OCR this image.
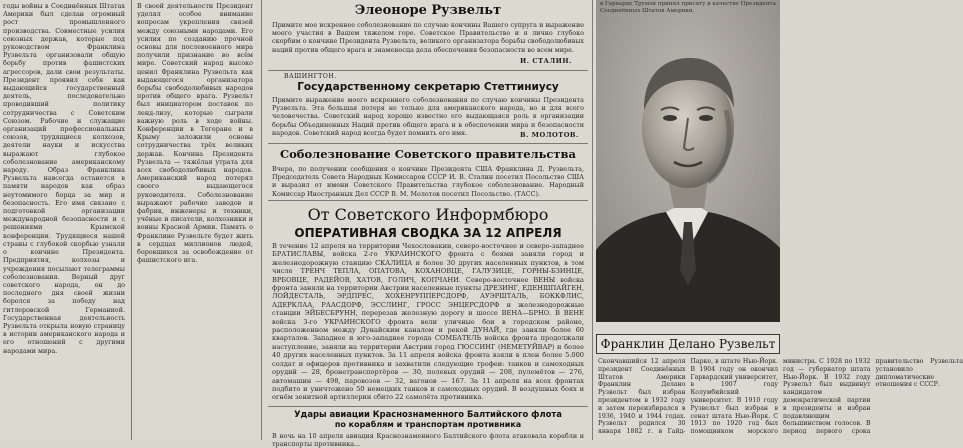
годы войны в Соединённых Штатах Америки был сделан огромный рост промышленного производства. Совместные усилия союзных держав, которые под руководством Франклина Рузвельта организовали общую борьбу против фашистских агрессоров, дали свои результаты. Президент проявил себя как выдающийся государственный деятель, последовательно проводивший политику сотрудничества с Советским Союзом. Рабочие и служащие организаций профессиональных союзов, трудящиеся колхозов, деятели науки и искусства выражают глубокое соболезнование американскому народу. Образ Франклина Рузвельта навсегда останется в памяти народов как образ неутомимого борца за мир и безопасность. Его имя связано с подготовкой организации международной безопасности и с решениями Крымской конференции. Трудящиеся нашей страны с глубокой скорбью узнали о кончине Президента. Предприятия, колхозы и учреждения посылают телеграммы соболезнования. Верный друг советского народа, он до последнего дня своей жизни боролся за победу над гитлеровской Германией. Государственная деятельность Рузвельта открыла новую страницу в истории американского народа и его отношений с другими народами мира.
В своей деятельности Президент уделял особое внимание вопросам укрепления связей между союзными народами. Его усилия по созданию прочной основы для послевоенного мира получили признание во всём мире. Советский народ высоко ценил Франклина Рузвельта как выдающегося организатора борьбы свободолюбивых народов против общего врага. Рузвельт был инициатором поставок по ленд-лизу, которые сыграли важную роль в ходе войны. Конференции в Тегеране и в Крыму заложили основы сотрудничества трёх великих держав. Кончина Президента Рузвельта — тяжёлая утрата для всех свободолюбивых народов. Американский народ потерял своего выдающегося руководителя. Соболезнование выражают рабочие заводов и фабрик, инженеры и техники, учёные и писатели, колхозники и воины Красной Армии. Память о Франклине Рузвельте будет жить в сердцах миллионов людей, боровшихся за освобождение от фашистского ига.
Элеоноре Рузвельт
Примите мое искреннее соболезнование по случаю кончины Вашего супруга и выражение моего участия в Вашем тяжелом горе. Советское Правительство и я лично глубоко скорбим о кончине Президента Рузвельта, великого организатора борьбы свободолюбивых наций против общего врага и знаменосца дела обеспечения безопасности во всем мире.
И. СТАЛИН.
ВАШИНГТОН.
Государственному секретарю Стеттиниусу
Примите выражение моего искреннего соболезнования по случаю кончины Президента Рузвельта. Эта большая потеря не только для американского народа, но и для всего человечества. Советский народ хорошо известно его выдающаяся роль в организации борьбы Объединенных Наций против общего врага и в обеспечении мира и безопасности народов. Советский народ всегда будет помнить его имя.	В. МОЛОТОВ.
Соболезнование Советского правительства
Вчера, по получении сообщения о кончине Президента США Франклина Д. Рузвельта, Председатель Совета Народных Комиссаров СССР И. В. Сталин посетил Посольство США и выразил от имени Советского Правительства глубокое соболезнование. Народный Комиссар Иностранных Дел СССР В. М. Молотов посетил Посольство. (ТАСС).
От Советского Информбюро
ОПЕРАТИВНАЯ СВОДКА ЗА 12 АПРЕЛЯ
В течение 12 апреля на территории Чехословакии, северо-восточнее и северо-западнее БРАТИСЛАВЫ, войска 2-го УКРАИНСКОГО фронта с боями заняли город и железнодорожную станцию СКАЛИЦА и более 30 других населенных пунктов, в том числе ТРЕНЧ ТЕПЛА, ОПАТОВА, КОХАНОВЦЕ, ГАЛУЗИЦЕ, ГОРНЫ-БЗИНЦЕ, ВРБОВЦЕ, РАДЕЙОВ, ХАТОВ, ГОЛИЧ, КОПЧАНИ. Северо-восточнее ВЕНЫ войска фронта заняли на территории Австрии населенные пункты ДРЕЗИНГ, ЕДЕНШПАЙГЕН, ЛОЙДЕСТАЛЬ, ЭРДПРЕС, ХОХЕНРУППЕРСДОРФ, АУЭРШТАЛЬ, БОККФЛИС, АДЕРКЛАА, РААСДОРФ, ЭССЛИНГ, ГРОСС ЭНЦЕРСДОРФ и железнодорожные станции ЭЙБЕСБРУНН, перерезав железную дорогу и шоссе ВЕНА—БРНО. В ВЕНЕ войска 3-го УКРАИНСКОГО фронта вели уличные бои в городском районе, расположенном между Дунайским каналом и рекой ДУНАЙ, где заняли более 60 кварталов. Западнее и юго-западнее города СОМБАТЕЛЬ войска фронта продолжали наступление, заняли на территории Австрии город ГЮССИНГ (НЕМЕТУЙВАР) и более 40 других населенных пунктов. За 11 апреля войска фронта взяли в плен более 5.000 солдат и офицеров противника и захватили следующие трофеи: танков и самоходных орудий — 28, бронетранспортёров — 30, полевых орудий — 208, пулемётов — 276, автомашин — 498, паровозов — 32, вагонов — 167. За 11 апреля на всех фронтах подбито и уничтожено 50 немецких танков и самоходных орудий. В воздушных боях и огнём зенитной артиллерии сбито 22 самолёта противника.
Удары авиации Краснознаменного Балтийского флота
по кораблям и транспортам противника
В ночь на 10 апреля авиация Краснознаменного Балтийского флота атаковала корабли и транспорты противника...
в Гарварде Трумэн принял присягу в качестве Президента Соединённых Штатов Америки.
Франклин Делано Рузвельт
Скончавшийся 12 апреля президент Соединённых Штатов Америки Франклин Делано Рузвельт был избран президентом в 1932 году и затем переизбирался в 1936, 1940 и 1944 годах. Рузвельт родился 30 января 1882 г. в Гайд-Парке, в штате Нью-Йорк. В 1904 году он окончил Гарвардский университет, в 1907 году Колумбийский университет. В 1910 году Рузвельт был избран в сенат штата Нью-Йорк. С 1913 по 1920 год был помощником морского министра. С 1928 по 1932 год — губернатор штата Нью-Йорк. В 1932 году Рузвельт был выдвинут кандидатом демократической партии в президенты и избран подавляющим большинством голосов. В период первого срока правительство Рузвельта установило дипломатические отношения с СССР.
